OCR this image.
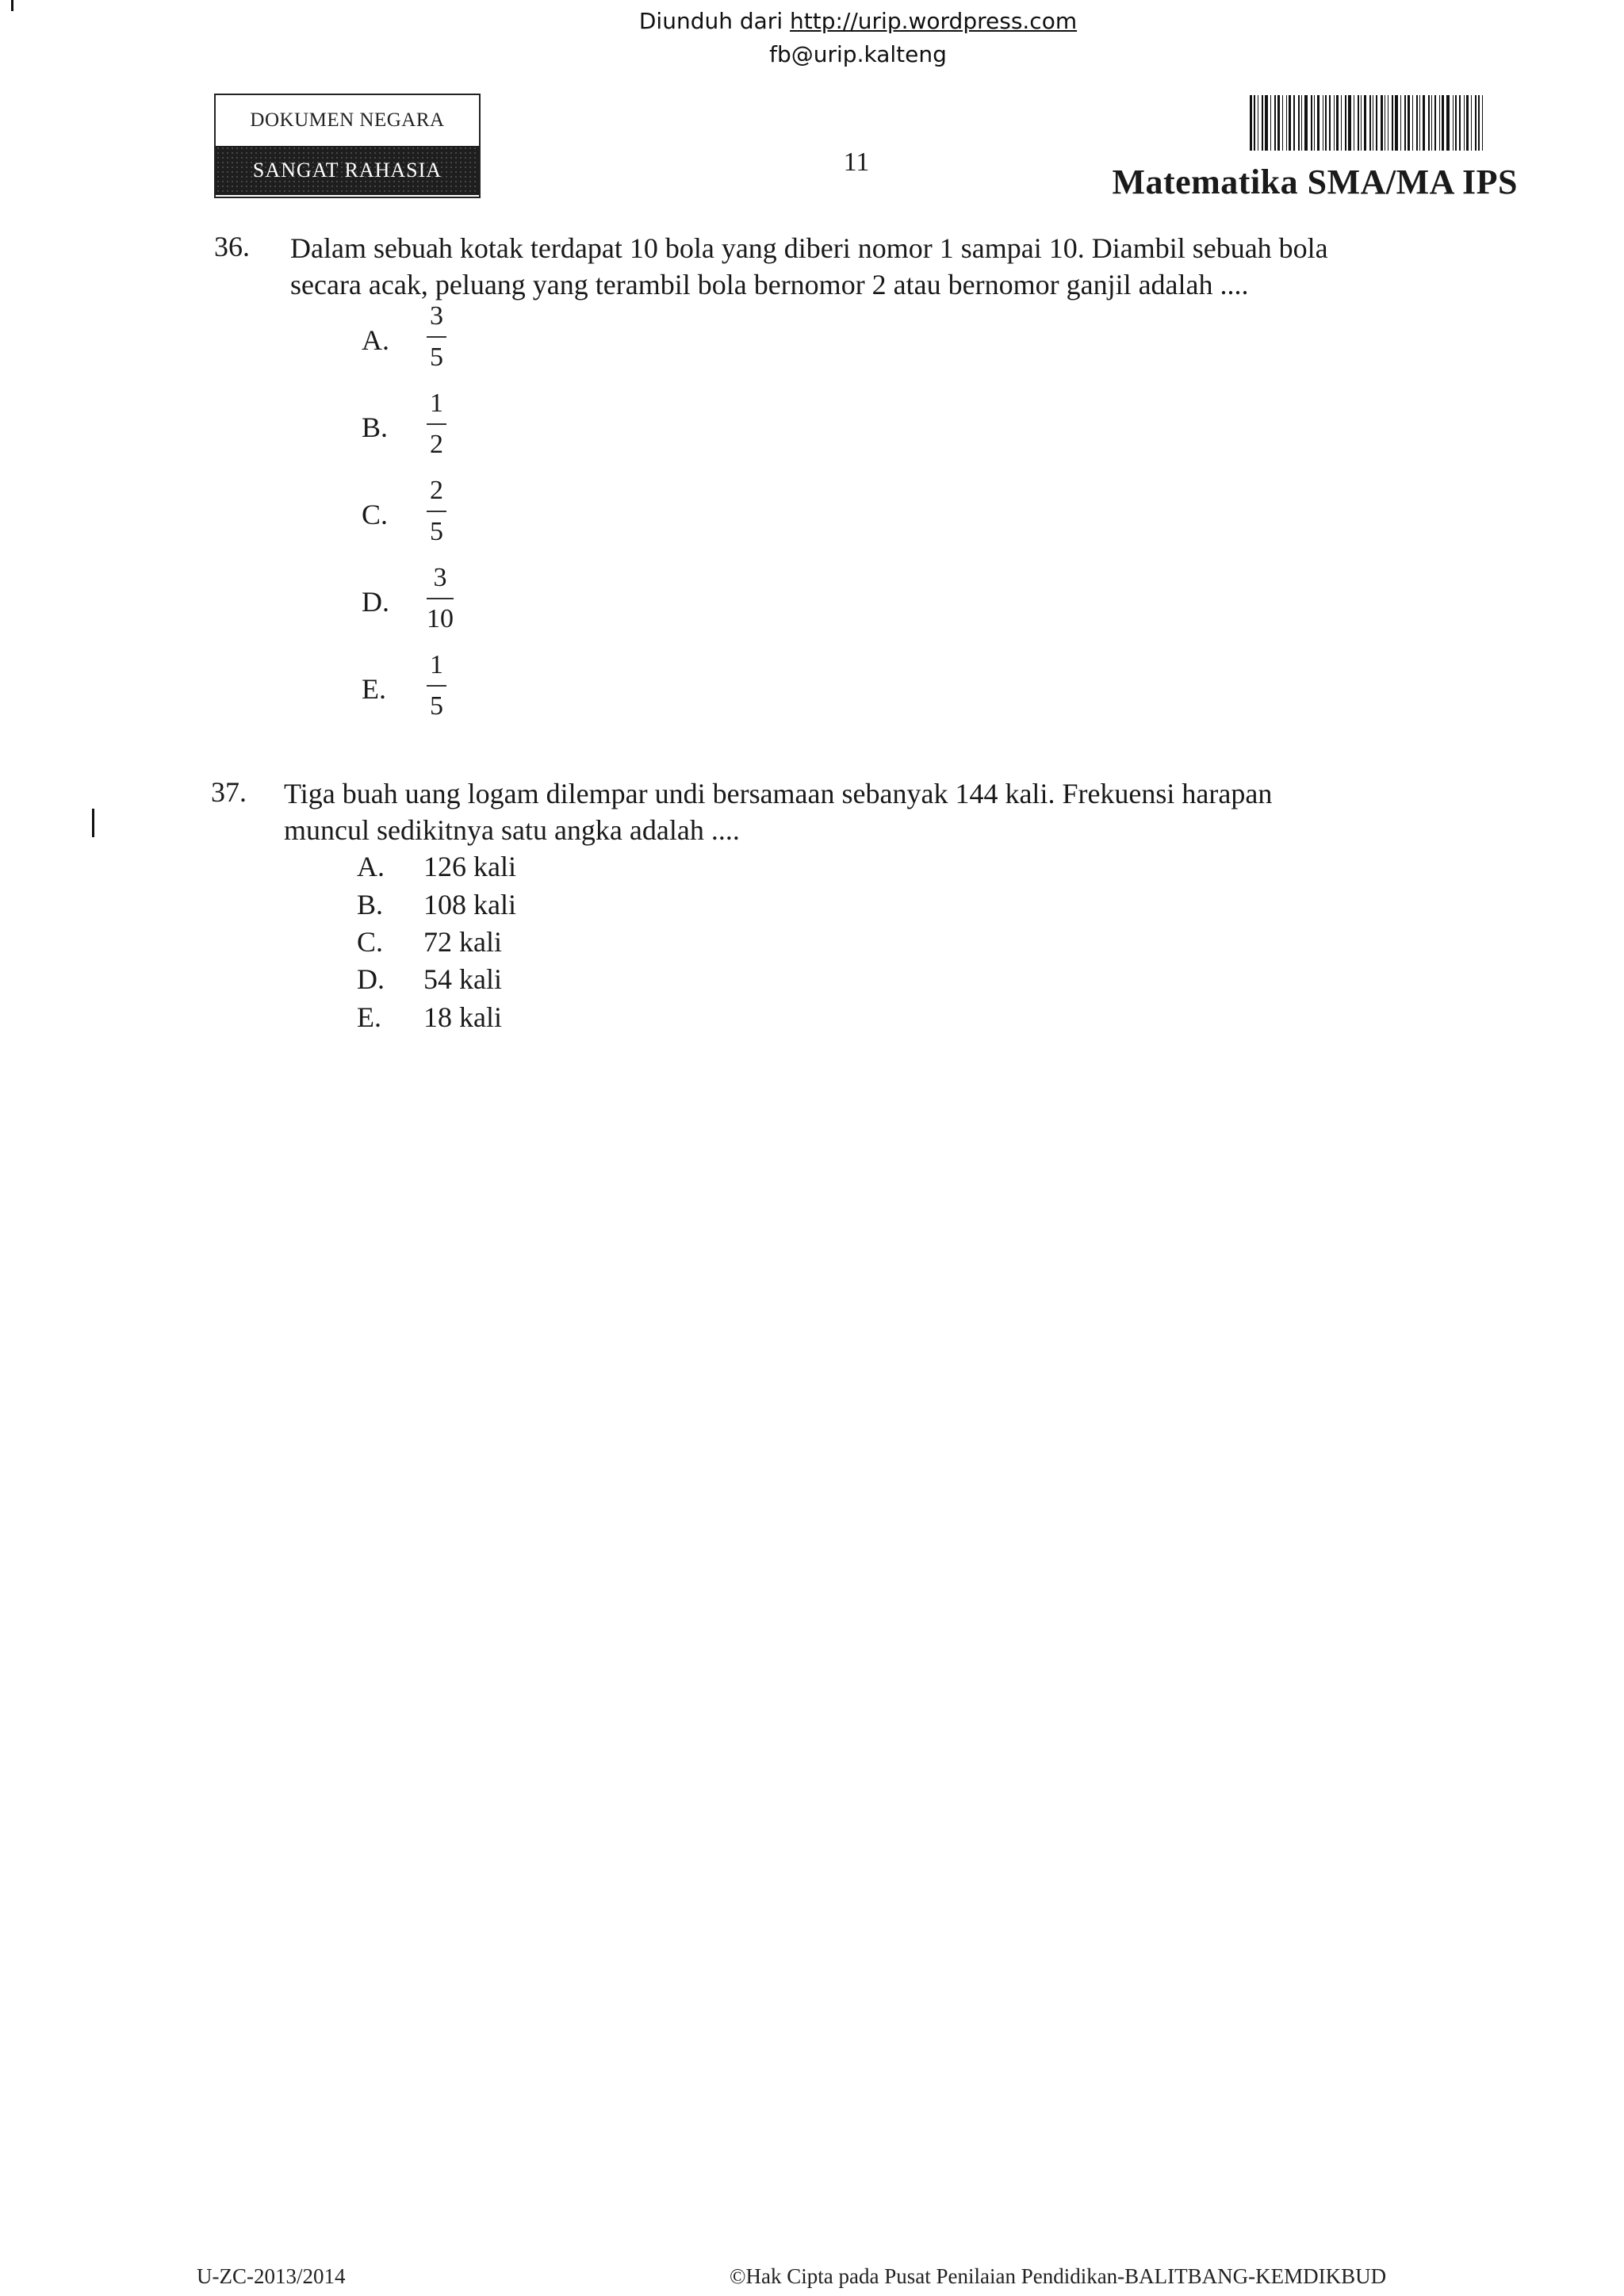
Diunduh dari http://urip.wordpress.com
fb@urip.kalteng
DOKUMEN NEGARA
SANGAT RAHASIA	11
Matematika SMA/MA IPS
36. Dalam sebuah kotak terdapat 10 bola yang diberi nomor 1 sampai 10. Diambil sebuah bola
secara acak, peluang yang terambil bola bernomor 2 atau bernomor ganjil adalah ....
A. $\frac{3}{5}$
B. $\frac{1}{2}$
C. $\frac{2}{5}$
D. $\frac{3}{10}$
E. $\frac{1}{5}$
37. Tiga buah uang logam dilempar undi bersamaan sebanyak 144 kali. Frekuensi harapan
muncul sedikitnya satu angka adalah ....
A. 126 kali
B. 108 kali
C. 72 kali
D. 54 kali
E. 18 kali
U-ZC-2013/2014	©Hak Cipta pada Pusat Penilaian Pendidikan-BALITBANG-KEMDIKBUD
